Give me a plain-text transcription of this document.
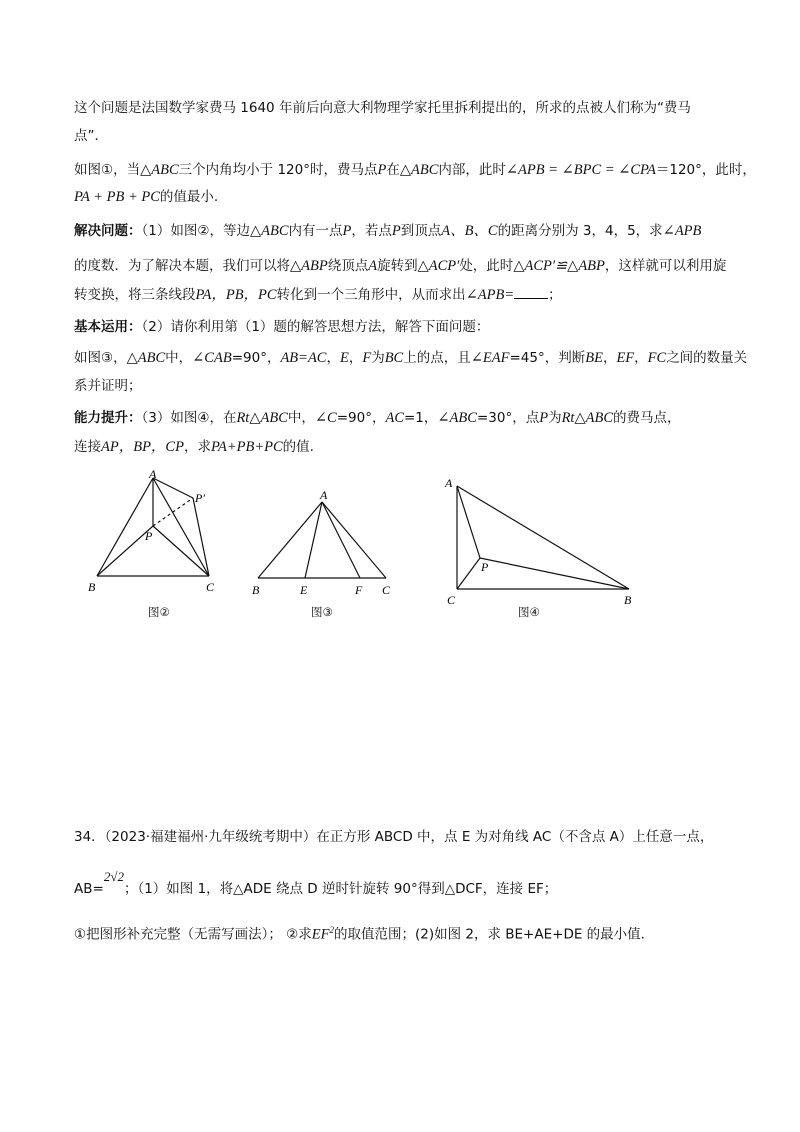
这个问题是法国数学家费马 1640 年前后向意大利物理学家托里拆利提出的，所求的点被人们称为“费马
点”．
如图①，当△ABC三个内角均小于 120°时，费马点P在△ABC内部，此时∠APB = ∠BPC = ∠CPA＝120°，此时，
PA + PB + PC的值最小.
解决问题：（1）如图②，等边△ABC内有一点P，若点P到顶点A、B、C的距离分别为 3，4，5，求∠APB
的度数．为了解决本题，我们可以将△ABP绕顶点A旋转到△ACP′处，此时△ACP′≌△ABP，这样就可以利用旋
转变换，将三条线段PA，PB，PC转化到一个三角形中，从而求出∠APB=	；
基本运用：（2）请你利用第（1）题的解答思想方法，解答下面问题：
如图③，△ABC中，∠CAB=90°，AB=AC，E，F为BC上的点，且∠EAF=45°，判断BE，EF，FC之间的数量关
系并证明；
能力提升：（3）如图④，在Rt△ABC中，∠C=90°，AC=1，∠ABC=30°，点P为Rt△ABC的费马点，
连接AP，BP，CP，求PA+PB+PC的值.
A
P
P′
B	C
图②
A
B	E	F C
图③
A
P
C	B
图④
34．（2023·福建福州·九年级统考期中）在正方形 ABCD 中，点 E 为对角线 AC（不含点 A）上任意一点，
AB=2√2；（1）如图 1，将△ADE 绕点 D 逆时针旋转 90°得到△DCF，连接 EF；
①把图形补充完整（无需写画法）； ②求$EF^2$的取值范围；(2)如图 2，求 BE+AE+DE 的最小值．
